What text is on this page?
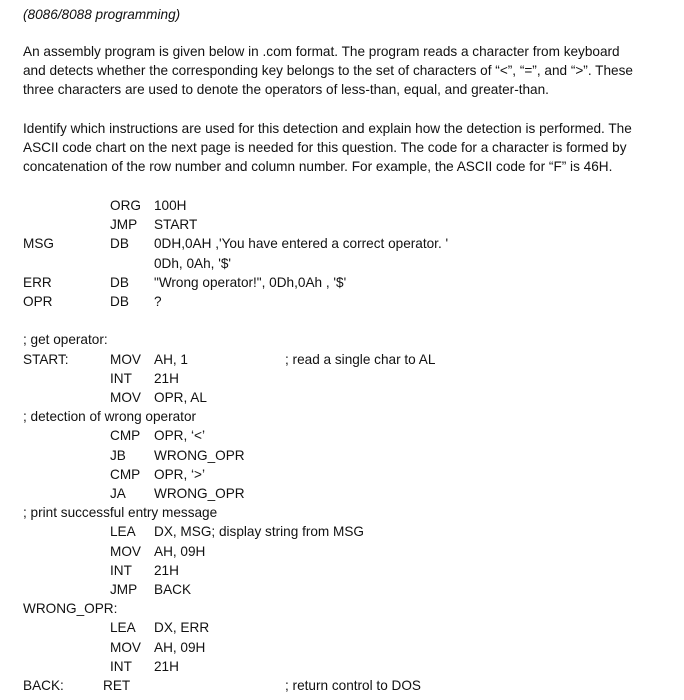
(8086/8088 programming)

An assembly program is given below in .com format. The program reads a character from keyboard
and detects whether the corresponding key belongs to the set of characters of “<”, “=”, and “>”. These
three characters are used to denote the operators of less-than, equal, and greater-than.

Identify which instructions are used for this detection and explain how the detection is performed. The
ASCII code chart on the next page is needed for this question. The code for a character is formed by
concatenation of the row number and column number. For example, the ASCII code for “F” is 46H.

ORG 100H
JMP START
MSG	DB 0DH,0AH ,'You have entered a correct operator. '
0Dh, 0Ah, '$'
ERR	DB "Wrong operator!", 0Dh,0Ah , '$'
OPR	DB ?
; get operator:
START:	MOV AH, 1	; read a single char to AL
INT 21H
MOV OPR, AL
; detection of wrong operator
CMP OPR, ‘<’
JB WRONG_OPR
CMP OPR, ‘>’
JA WRONG_OPR
; print successful entry message
LEA DX, MSG; display string from MSG
MOV AH, 09H
INT 21H
JMP BACK
WRONG_OPR:
LEA DX, ERR
MOV AH, 09H
INT 21H
BACK:	RET	; return control to DOS
